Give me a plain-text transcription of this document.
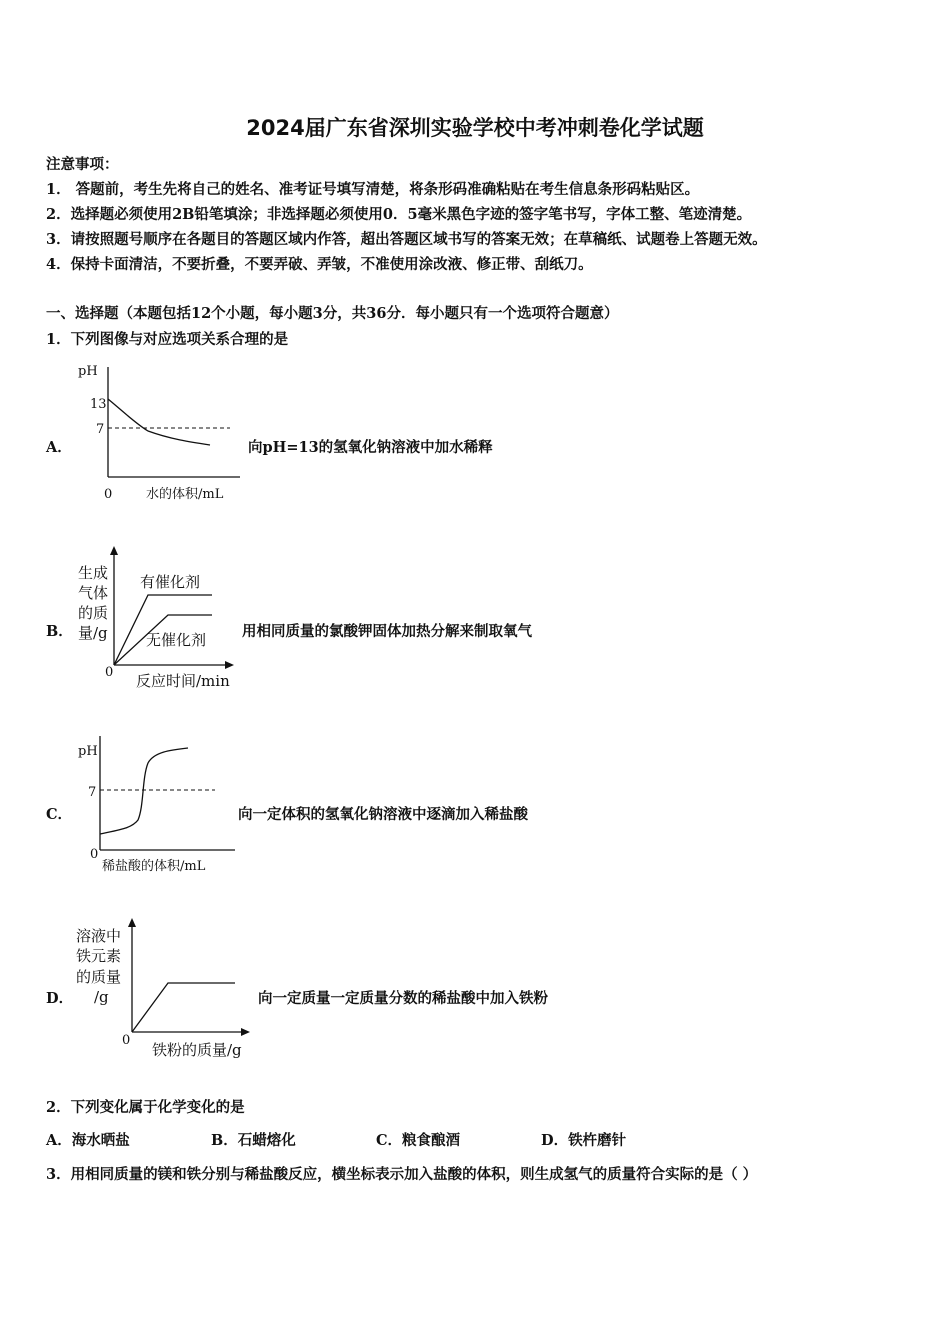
2024届广东省深圳实验学校中考冲刺卷化学试题
注意事项：
1． 答题前，考生先将自己的姓名、准考证号填写清楚，将条形码准确粘贴在考生信息条形码粘贴区。
2．选择题必须使用2B铅笔填涂；非选择题必须使用0．5毫米黑色字迹的签字笔书写，字体工整、笔迹清楚。
3．请按照题号顺序在各题目的答题区域内作答，超出答题区域书写的答案无效；在草稿纸、试题卷上答题无效。
4．保持卡面清洁，不要折叠，不要弄破、弄皱，不准使用涂改液、修正带、刮纸刀。
一、选择题（本题包括12个小题，每小题3分，共36分．每小题只有一个选项符合题意）
1．下列图像与对应选项关系合理的是
A．
pH
13
7
0	水的体积/mL
向pH=13的氢氧化钠溶液中加水稀释
B．
生成
气体
的质
量/g
有催化剂
无催化剂
0 反应时间/min
用相同质量的氯酸钾固体加热分解来制取氧气
C．
pH
7
0
稀盐酸的体积/mL
向一定体积的氢氧化钠溶液中逐滴加入稀盐酸
D．
溶液中
铁元素
的质量
/g
0
铁粉的质量/g
向一定质量一定质量分数的稀盐酸中加入铁粉
2．下列变化属于化学变化的是
A．海水晒盐	B．石蜡熔化	C．粮食酿酒	D．铁杵磨针
3．用相同质量的镁和铁分别与稀盐酸反应，横坐标表示加入盐酸的体积，则生成氢气的质量符合实际的是（ ）
